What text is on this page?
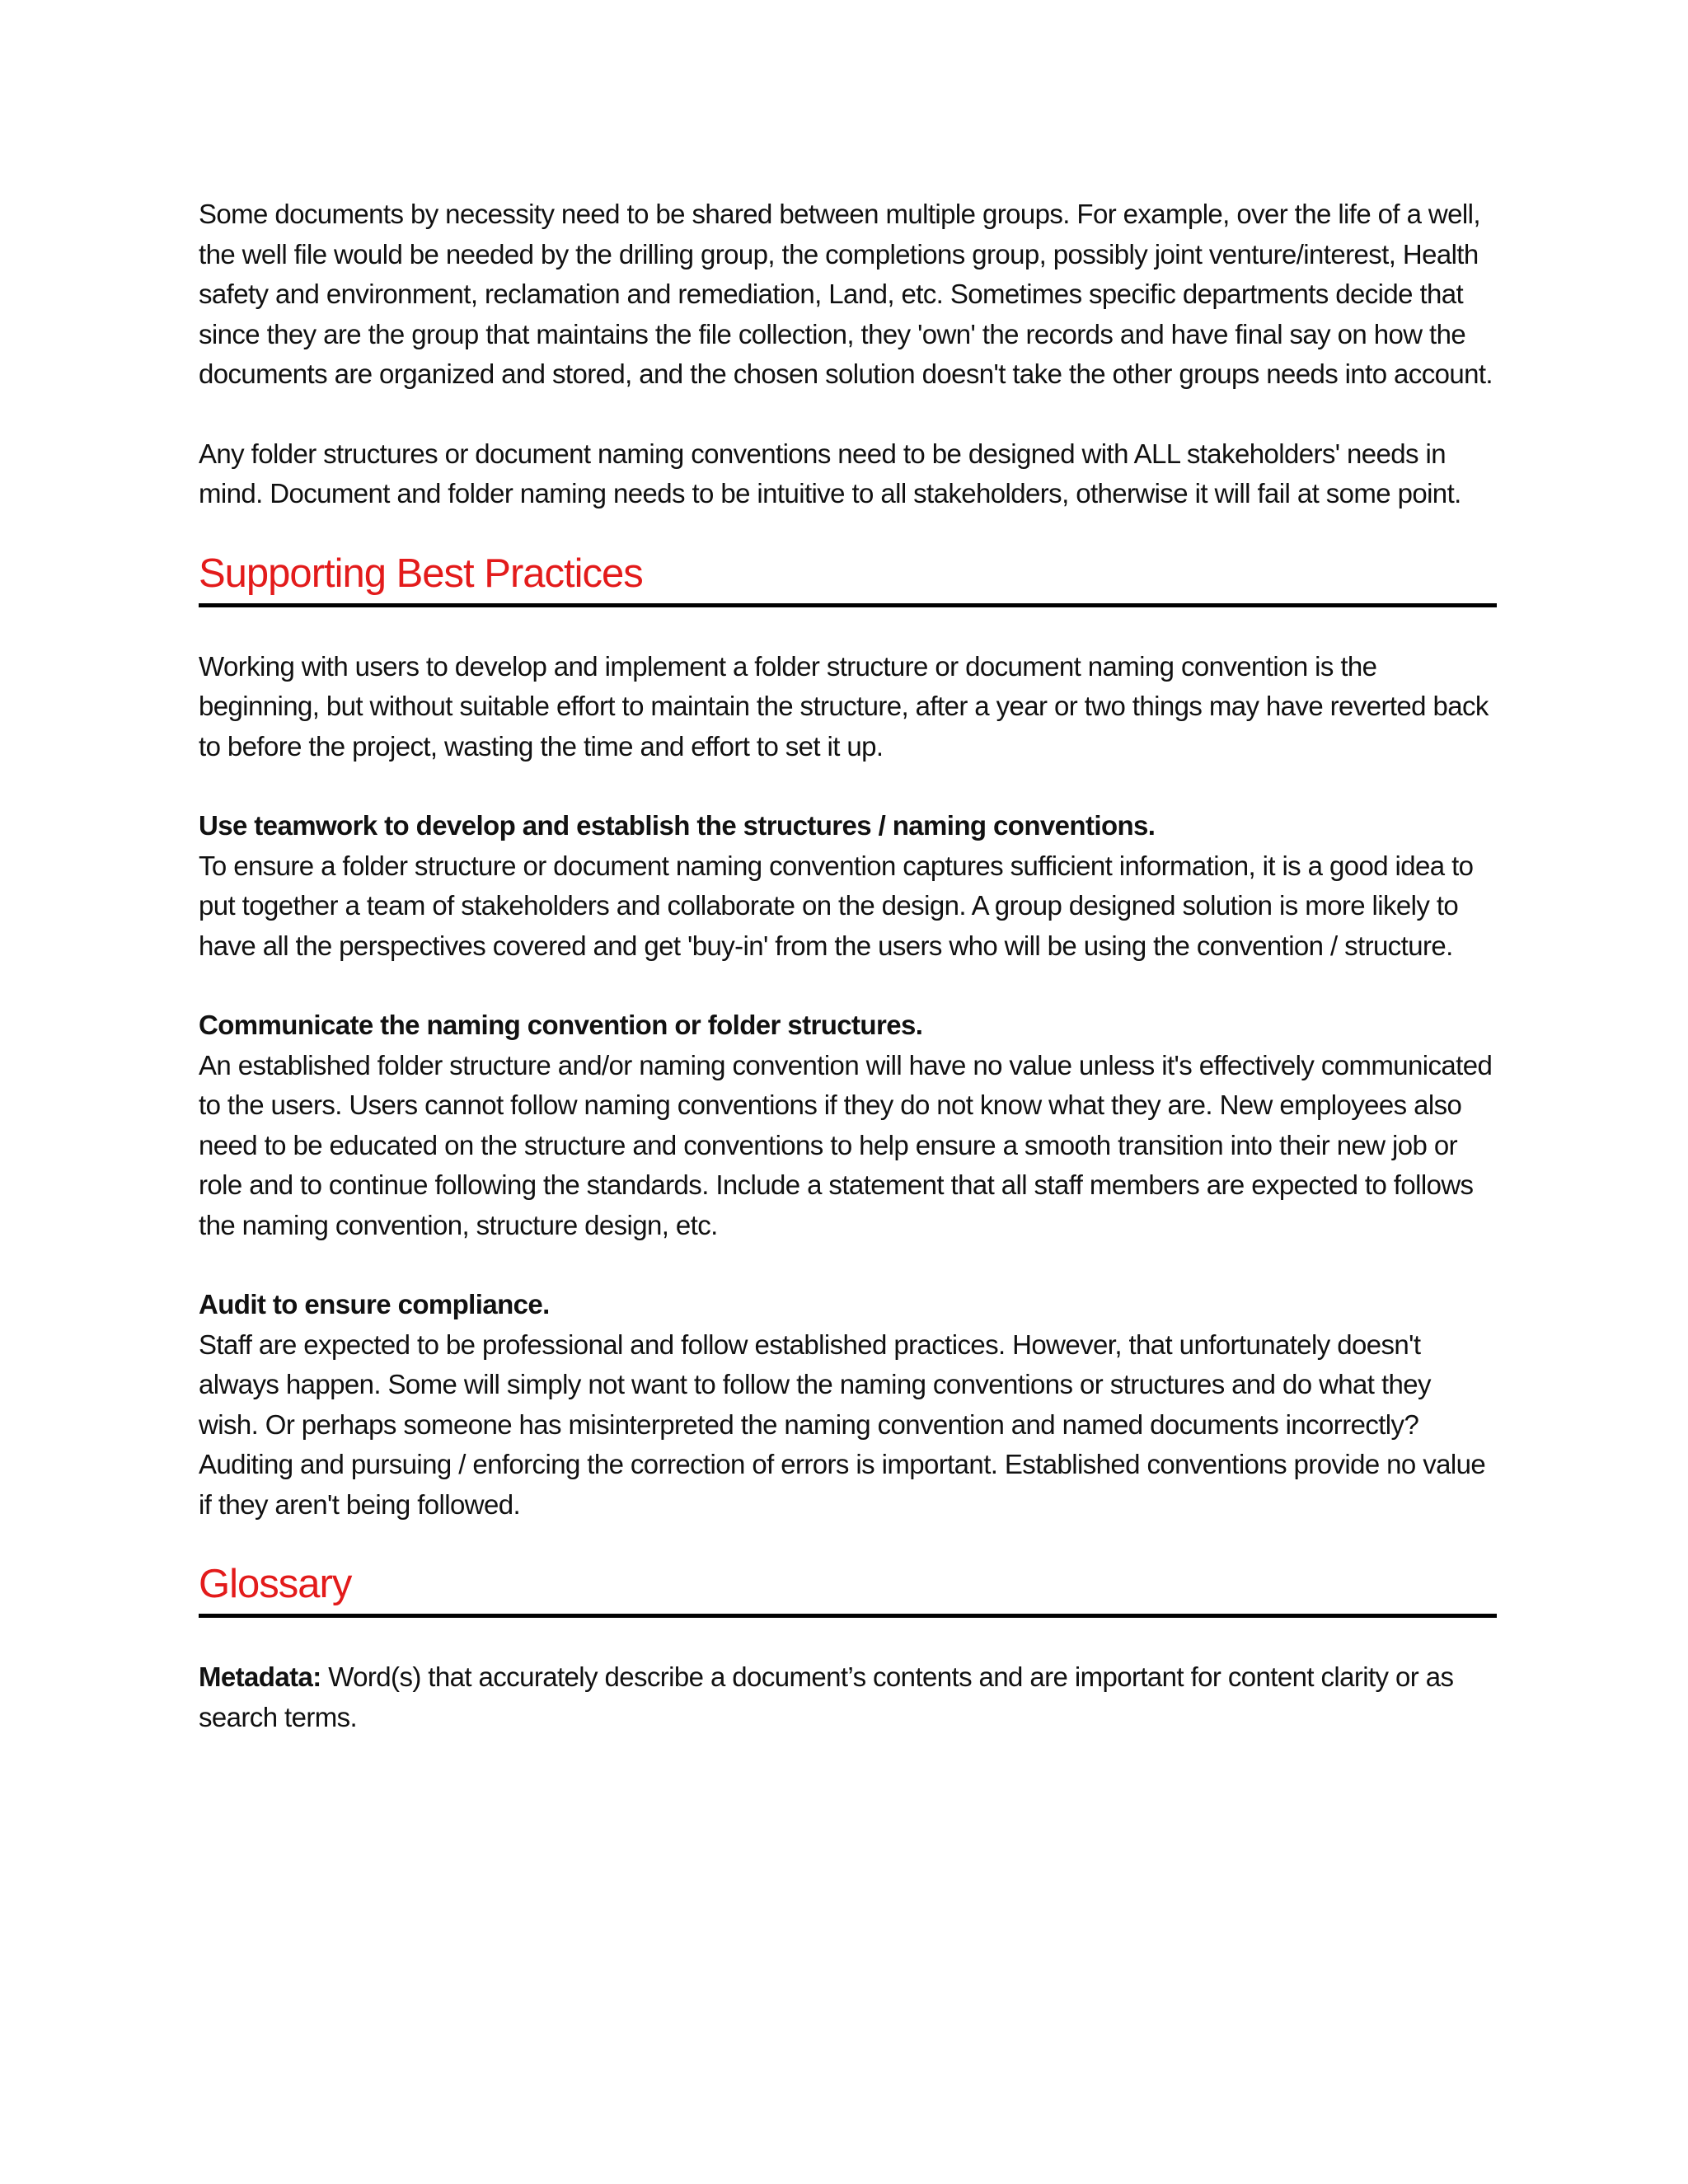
Some documents by necessity need to be shared between multiple groups. For example, over the life of a well, the well file would be needed by the drilling group, the completions group, possibly joint venture/interest, Health safety and environment, reclamation and remediation, Land, etc. Sometimes specific departments decide that since they are the group that maintains the file collection, they 'own' the records and have final say on how the documents are organized and stored, and the chosen solution doesn't take the other groups needs into account.

Any folder structures or document naming conventions need to be designed with ALL stakeholders' needs in mind. Document and folder naming needs to be intuitive to all stakeholders, otherwise it will fail at some point.

Supporting Best Practices

Working with users to develop and implement a folder structure or document naming convention is the beginning, but without suitable effort to maintain the structure, after a year or two things may have reverted back to before the project, wasting the time and effort to set it up.

Use teamwork to develop and establish the structures / naming conventions.

To ensure a folder structure or document naming convention captures sufficient information, it is a good idea to put together a team of stakeholders and collaborate on the design. A group designed solution is more likely to have all the perspectives covered and get 'buy-in' from the users who will be using the convention / structure.

Communicate the naming convention or folder structures.

An established folder structure and/or naming convention will have no value unless it's effectively communicated to the users. Users cannot follow naming conventions if they do not know what they are. New employees also need to be educated on the structure and conventions to help ensure a smooth transition into their new job or role and to continue following the standards. Include a statement that all staff members are expected to follows the naming convention, structure design, etc.

Audit to ensure compliance.

Staff are expected to be professional and follow established practices. However, that unfortunately doesn't always happen. Some will simply not want to follow the naming conventions or structures and do what they wish. Or perhaps someone has misinterpreted the naming convention and named documents incorrectly? Auditing and pursuing / enforcing the correction of errors is important. Established conventions provide no value if they aren't being followed.

Glossary

Metadata: Word(s) that accurately describe a document’s contents and are important for content clarity or as search terms.
